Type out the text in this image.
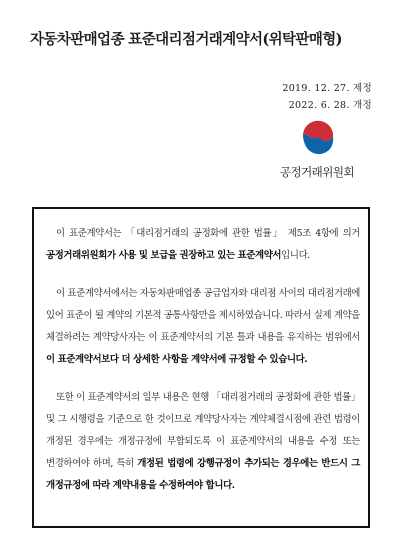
자동차판매업종 표준대리점거래계약서(위탁판매형)
2019. 12. 27. 제정
2022. 6. 28. 개정
공정거래위원회

이 표준계약서는 「대리점거래의 공정화에 관한 법률」 제5조 4항에 의거 공정거래위원회가 사용 및 보급을 권장하고 있는 표준계약서입니다.

이 표준계약서에서는 자동차판매업종 공급업자와 대리점 사이의 대리점거래에 있어 표준이 될 계약의 기본적 공통사항만을 제시하였습니다. 따라서 실제 계약을 체결하려는 계약당사자는 이 표준계약서의 기본 틀과 내용을 유지하는 범위에서 이 표준계약서보다 더 상세한 사항을 계약서에 규정할 수 있습니다.

또한 이 표준계약서의 일부 내용은 현행 「대리점거래의 공정화에 관한 법률」 및 그 시행령을 기준으로 한 것이므로 계약당사자는 계약체결시점에 관련 법령이 개정된 경우에는 개정규정에 부합되도록 이 표준계약서의 내용을 수정 또는 변경하여야 하며, 특히 개정된 법령에 강행규정이 추가되는 경우에는 반드시 그 개정규정에 따라 계약내용을 수정하여야 합니다.
